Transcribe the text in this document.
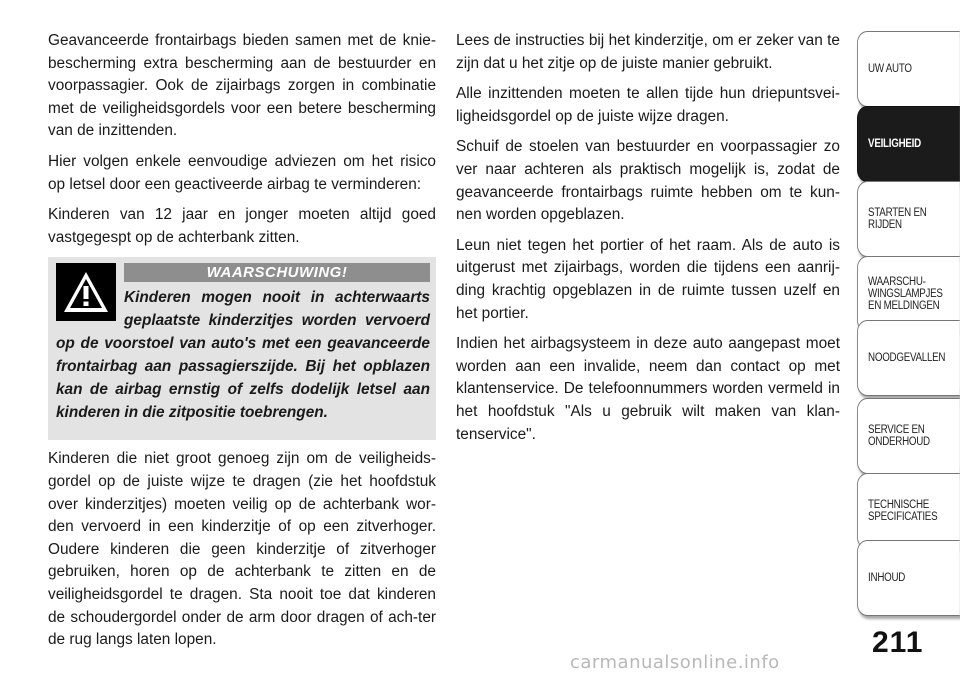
Geavanceerde frontairbags bieden samen met de knie-bescherming extra bescherming aan de bestuurder en voorpassagier. Ook de zijairbags zorgen in combinatie met de veiligheidsgordels voor een betere bescherming van de inzittenden.

Hier volgen enkele eenvoudige adviezen om het risico op letsel door een geactiveerde airbag te verminderen:

Kinderen van 12 jaar en jonger moeten altijd goed vastgegespt op de achterbank zitten.

WAARSCHUWING!

Kinderen mogen nooit in achterwaarts geplaatste kinderzitjes worden vervoerd op de voorstoel van auto's met een geavanceerde frontairbag aan passagierszijde. Bij het opblazen kan de airbag ernstig of zelfs dodelijk letsel aan kinderen in die zitpositie toebrengen.

Kinderen die niet groot genoeg zijn om de veiligheids-gordel op de juiste wijze te dragen (zie het hoofdstuk over kinderzitjes) moeten veilig op de achterbank wor-den vervoerd in een kinderzitje of op een zitverhoger. Oudere kinderen die geen kinderzitje of zitverhoger gebruiken, horen op de achterbank te zitten en de veiligheidsgordel te dragen. Sta nooit toe dat kinderen de schoudergordel onder de arm door dragen of ach-ter de rug langs laten lopen.

Lees de instructies bij het kinderzitje, om er zeker van te zijn dat u het zitje op de juiste manier gebruikt.

Alle inzittenden moeten te allen tijde hun driepuntsvei-ligheidsgordel op de juiste wijze dragen.

Schuif de stoelen van bestuurder en voorpassagier zo ver naar achteren als praktisch mogelijk is, zodat de geavanceerde frontairbags ruimte hebben om te kun-nen worden opgeblazen.

Leun niet tegen het portier of het raam. Als de auto is uitgerust met zijairbags, worden die tijdens een aanrij-ding krachtig opgeblazen in de ruimte tussen uzelf en het portier.

Indien het airbagsysteem in deze auto aangepast moet worden aan een invalide, neem dan contact op met klantenservice. De telefoonnummers worden vermeld in het hoofdstuk "Als u gebruik wilt maken van klan-tenservice".

UW AUTO
VEILIGHEID
STARTEN EN
RIJDEN
WAARSCHU-
WINGSLAMPJES
EN MELDINGEN
NOODGEVALLEN
SERVICE EN
ONDERHOUD
TECHNISCHE
SPECIFICATIES
INHOUD
211
carmanualsonline.info
